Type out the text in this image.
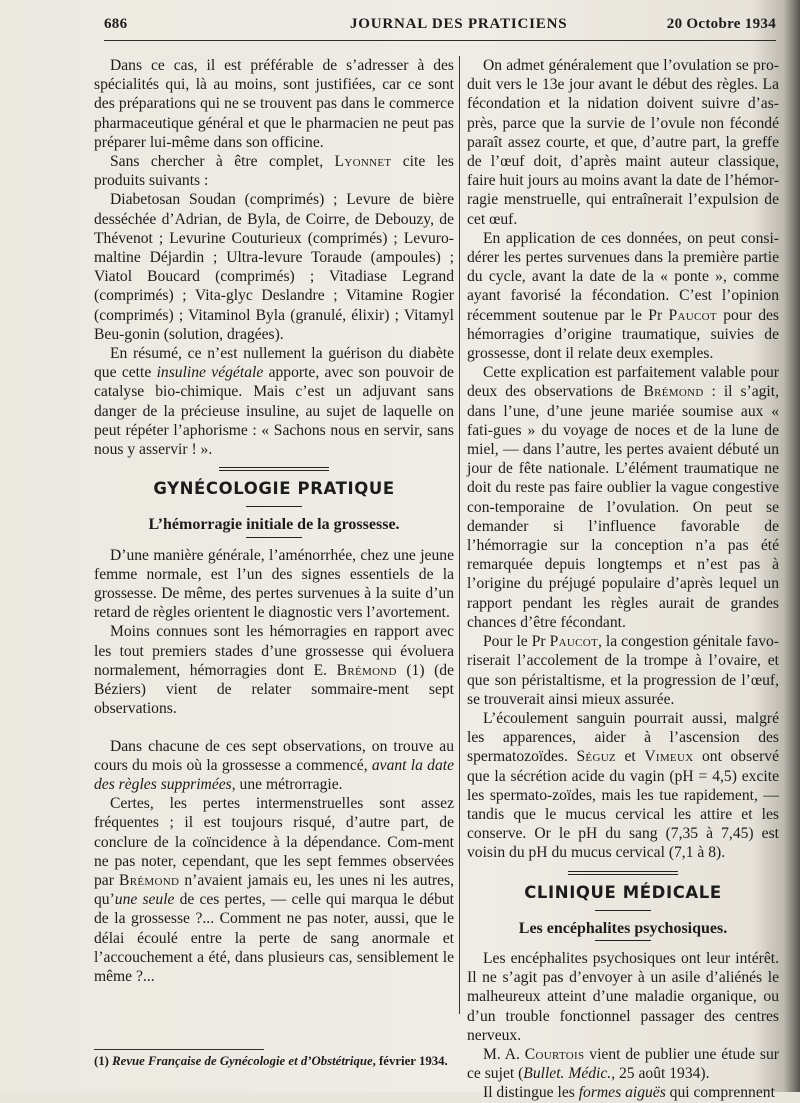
686	JOURNAL DES PRATICIENS	20 Octobre 1934

Dans ce cas, il est préférable de s’adresser à des spécialités qui, là au moins, sont justifiées, car ce sont des préparations qui ne se trouvent pas dans le commerce pharmaceutique général et que le pharmacien ne peut pas préparer lui-même dans son officine.

Sans chercher à être complet, Lyonnet cite les produits suivants :

Diabetosan Soudan (comprimés) ; Levure de bière desséchée d’Adrian, de Byla, de Coirre, de Debouzy, de Thévenot ; Levurine Couturieux (comprimés) ; Levuro-maltine Déjardin ; Ultra-levure Toraude (ampoules) ; Viatol Boucard (comprimés) ; Vitadiase Legrand (comprimés) ; Vita-glyc Deslandre ; Vitamine Rogier (comprimés) ; Vitaminol Byla (granulé, élixir) ; Vitamyl Beu-gonin (solution, dragées).

En résumé, ce n’est nullement la guérison du diabète que cette insuline végétale apporte, avec son pouvoir de catalyse bio-chimique. Mais c’est un adjuvant sans danger de la précieuse insuline, au sujet de laquelle on peut répéter l’aphorisme : « Sachons nous en servir, sans nous y asservir ! ».

GYNÉCOLOGIE PRATIQUE
L’hémorragie initiale de la grossesse.

D’une manière générale, l’aménorrhée, chez une jeune femme normale, est l’un des signes essentiels de la grossesse. De même, des pertes survenues à la suite d’un retard de règles orientent le diagnostic vers l’avortement.

Moins connues sont les hémorragies en rapport avec les tout premiers stades d’une grossesse qui évoluera normalement, hémorragies dont E. Brémond (1) (de Béziers) vient de relater sommaire-ment sept observations.

Dans chacune de ces sept observations, on trouve au cours du mois où la grossesse a commencé, avant la date des règles supprimées, une métrorragie.

Certes, les pertes intermenstruelles sont assez fréquentes ; il est toujours risqué, d’autre part, de conclure de la coïncidence à la dépendance. Com-ment ne pas noter, cependant, que les sept femmes observées par Brémond n’avaient jamais eu, les unes ni les autres, qu’une seule de ces pertes, — celle qui marqua le début de la grossesse ?... Comment ne pas noter, aussi, que le délai écoulé entre la perte de sang anormale et l’accouchement a été, dans plusieurs cas, sensiblement le même ?...

(1) Revue Française de Gynécologie et d’Obstétrique, février 1934.

On admet généralement que l’ovulation se pro-duit vers le 13e jour avant le début des règles. La fécondation et la nidation doivent suivre d’as-près, parce que la survie de l’ovule non fécondé paraît assez courte, et que, d’autre part, la greffe de l’œuf doit, d’après maint auteur classique, faire huit jours au moins avant la date de l’hémor-ragie menstruelle, qui entraînerait l’expulsion de cet œuf.

En application de ces données, on peut consi-dérer les pertes survenues dans la première partie du cycle, avant la date de la « ponte », comme ayant favorisé la fécondation. C’est l’opinion récemment soutenue par le Pr Paucot pour des hémorragies d’origine traumatique, suivies de grossesse, dont il relate deux exemples.

Cette explication est parfaitement valable pour deux des observations de Brémond : il s’agit, dans l’une, d’une jeune mariée soumise aux « fati-gues » du voyage de noces et de la lune de miel, — dans l’autre, les pertes avaient débuté un jour de fête nationale. L’élément traumatique ne doit du reste pas faire oublier la vague congestive con-temporaine de l’ovulation. On peut se demander si l’influence favorable de l’hémorragie sur la conception n’a pas été remarquée depuis longtemps et n’est pas à l’origine du préjugé populaire d’après lequel un rapport pendant les règles aurait de grandes chances d’être fécondant.

Pour le Pr Paucot, la congestion génitale favo-riserait l’accolement de la trompe à l’ovaire, et que son péristaltisme, et la progression de l’œuf, se trouverait ainsi mieux assurée.

L’écoulement sanguin pourrait aussi, malgré les apparences, aider à l’ascension des spermatozoïdes. Séguz et Vimeux ont observé que la sécrétion acide du vagin (pH = 4,5) excite les spermato-zoïdes, mais les tue rapidement, — tandis que le mucus cervical les attire et les conserve. Or le pH du sang (7,35 à 7,45) est voisin du pH du mucus cervical (7,1 à 8).

CLINIQUE MÉDICALE
Les encéphalites psychosiques.

Les encéphalites psychosiques ont leur intérêt. Il ne s’agit pas d’envoyer à un asile d’aliénés le malheureux atteint d’une maladie organique, ou d’un trouble fonctionnel passager des centres nerveux.

M. A. Courtois vient de publier une étude sur ce sujet (Bullet. Médic., 25 août 1934).

Il distingue les formes aiguës qui comprennent
